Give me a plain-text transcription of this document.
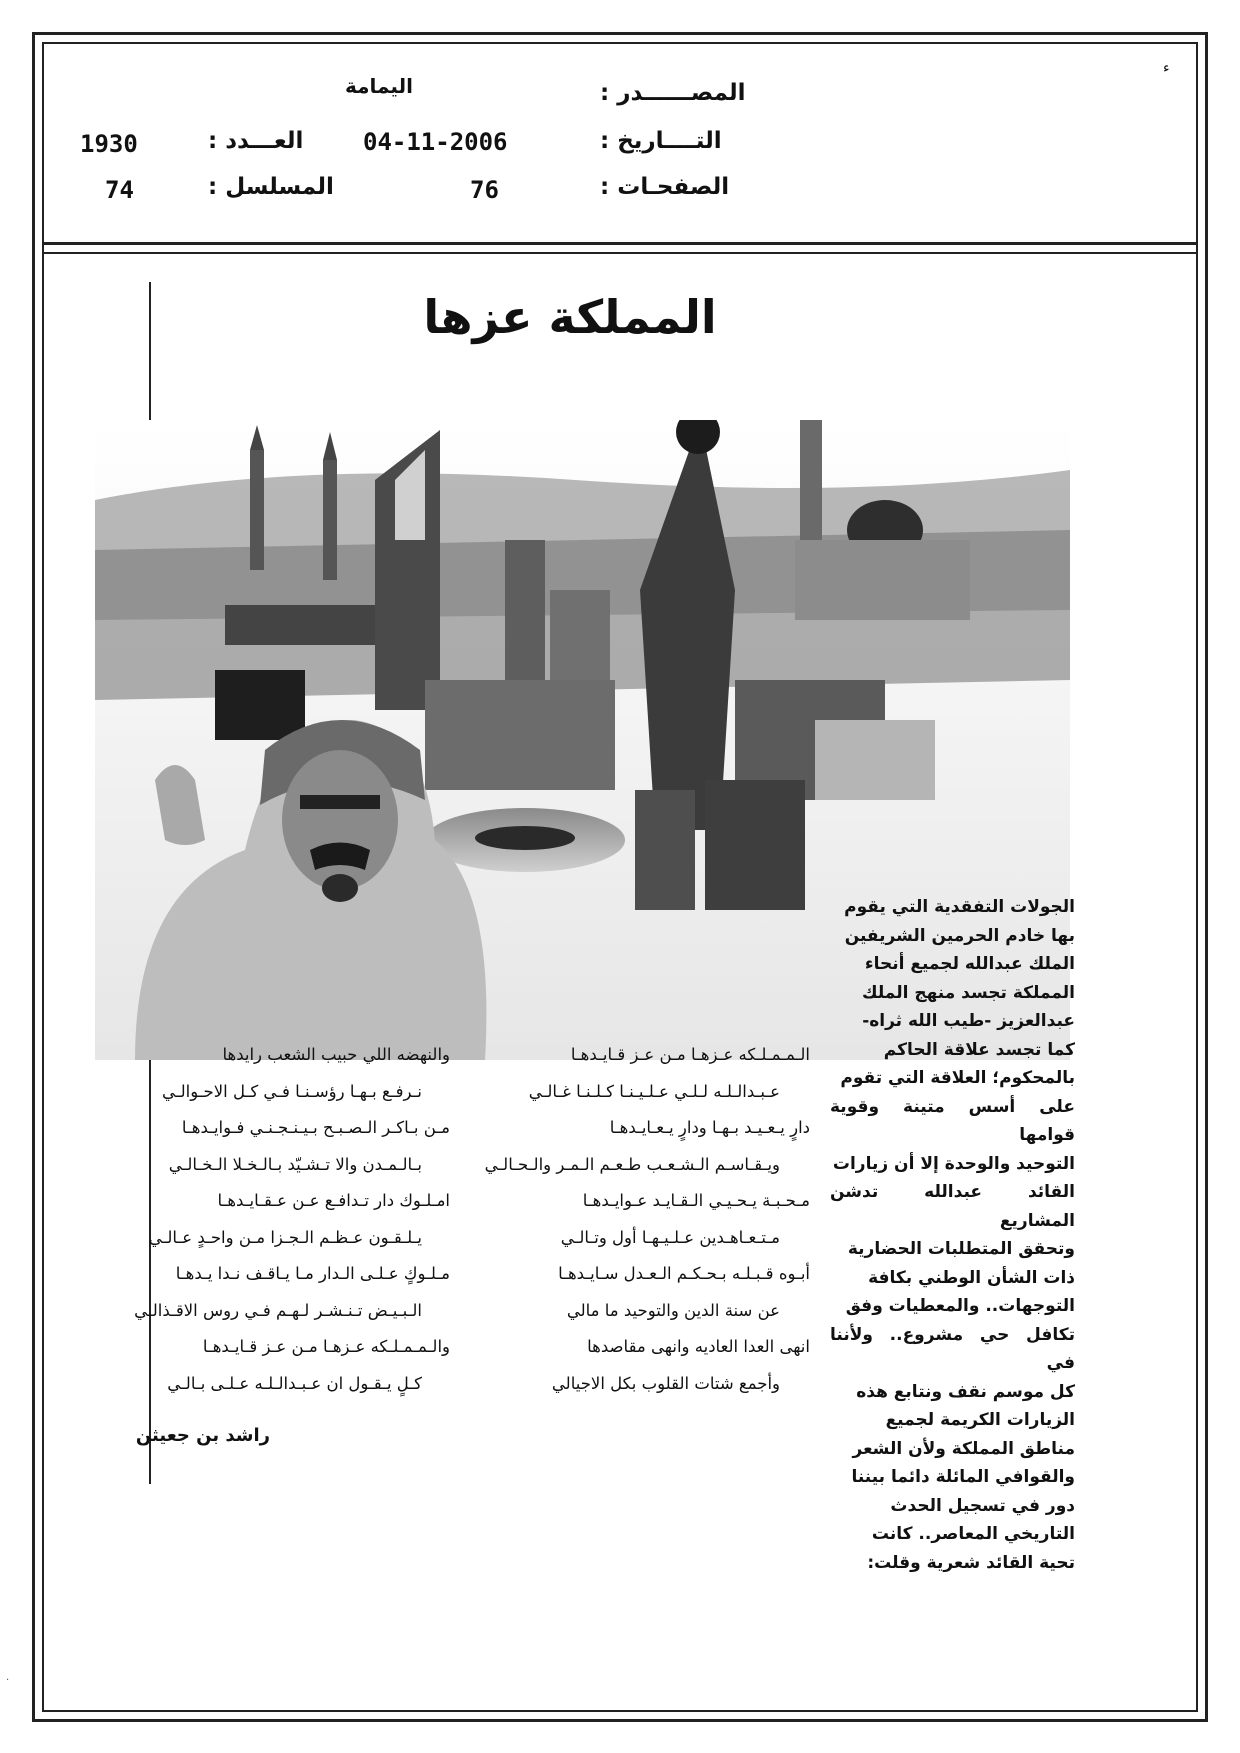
ء
المصــــــدر :
اليمامة
التــــاريخ :
04-11-2006
الصفحـات :
76
العـــدد :
1930
المسلسل :
74
المملكة عزها

الجولات التفقدية التي يقوم

بها خادم الحرمين الشريفين

الملك عبدالله لجميع أنحاء

المملكة تجسد منهج الملك

عبدالعزيز -طيب الله ثراه-

كما تجسد علاقة الحاكم

بالمحكوم؛ العلاقة التي تقوم

على أسس متينة وقوية قوامها

التوحيد والوحدة إلا أن زيارات

القائد عبدالله تدشن المشاريع

وتحقق المتطلبات الحضارية

ذات الشأن الوطني بكافة

التوجهات.. والمعطيات وفق

تكافل حي مشروع.. ولأننا في

كل موسم نقف ونتابع هذه

الزيارات الكريمة لجميع

مناطق المملكة ولأن الشعر

والقوافي المائلة دائما بيننا

دور في تسجيل الحدث

التاريخي المعاصر.. كانت

تحية القائد شعرية وقلت:

الـمـمـلـكه عـزهـا مـن عـز قـايـدهـا
عـبـدالـلـه لـلـي عـلـيـنـا كـلـنـا غـالـي
دارٍ يـعـيـد بـهـا ودارٍ يـعـايـدهـا
ويـقـاسـم الـشـعـب طـعـم الـمـر والـحـالـي
مـحـبـة يـحـيـي الـقـايـد عـوايـدهـا
مـتـعـاهـدين عـلـيـهـا أول وتـالـي
أبـوه قـبـلـه بـحـكـم الـعـدل سـايـدهـا
عن سنة الدين والتوحيد ما مالي
انهى العدا العاديه وانهى مقاصدها
وأجمع شتات القلوب بكل الاجيالي
والنهضه اللي حبيب الشعب رايدها
نـرفـع بـهـا رؤسـنـا فـي كـل الاحـوالـي
مـن بـاكـر الـصـبـح بـيـنـجـنـي فـوايـدهـا
بـالـمـدن والا تـشـيّد بـالـخـلا الـخـالـي
امـلـوك دار تـدافـع عـن عـقـايـدهـا
يـلـقـون عـظـم الـجـزا مـن واحـدٍ عـالـي
مـلـوكٍ عـلـى الـدار مـا يـاقـف نـدا يـدهـا
الـبـيـض تـنـشـر لـهـم فـي روس الاقـذالـي
والـمـمـلـكه عـزهـا مـن عـز قـايـدهـا
كـلٍ يـقـول ان عـبـدالـلـه عـلـى بـالـي
راشد بن جعيثن
·
